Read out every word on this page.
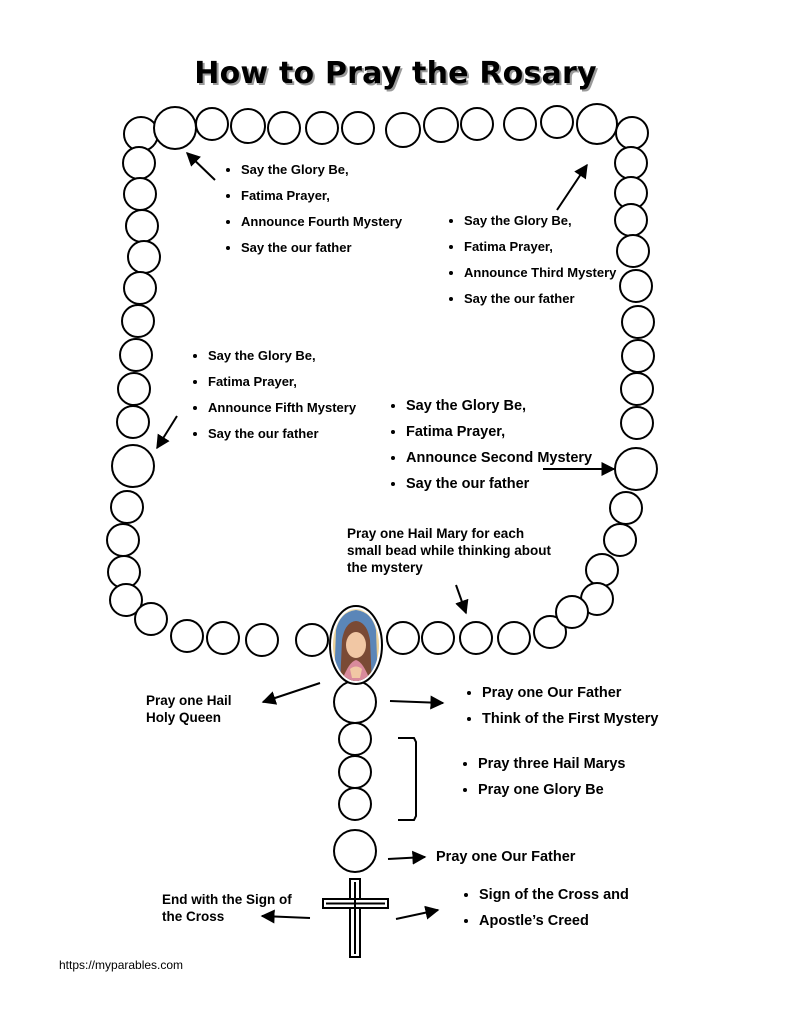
How to Pray the Rosary
• Say the Glory Be,
• Fatima Prayer,
• Announce Fourth Mystery
• Say the our father
• Say the Glory Be,
• Fatima Prayer,
• Announce Third Mystery
• Say the our father
• Say the Glory Be,
• Fatima Prayer,
• Announce Fifth Mystery
• Say the our father
• Say the Glory Be,
• Fatima Prayer,
• Announce Second Mystery
• Say the our father
Pray one Hail Mary for each small bead while thinking about the mystery
Pray one Hail Holy Queen
• Pray one Our Father
• Think of the First Mystery
• Pray three Hail Marys
• Pray one Glory Be
Pray one Our Father
• Sign of the Cross and
• Apostle’s Creed
End with the Sign of the Cross
https://myparables.com
